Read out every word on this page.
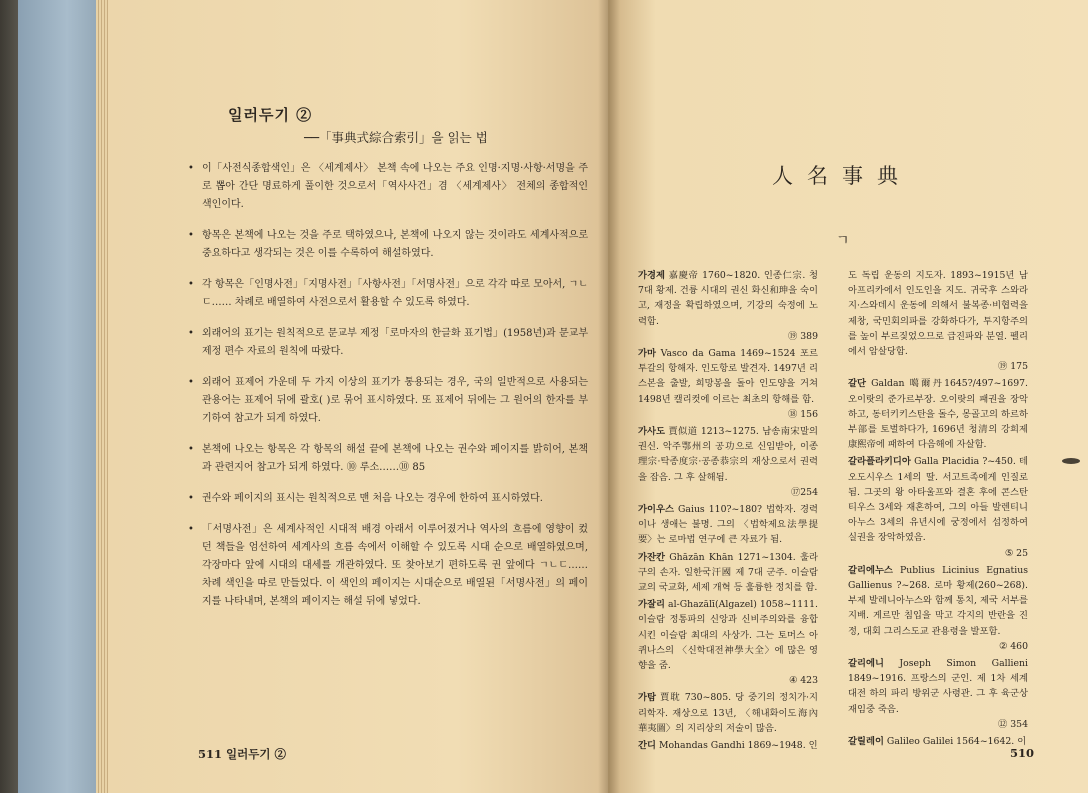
일러두기 ②
──「事典式綜合索引」을 읽는 법
• 이「사전식종합색인」은 〈세계제사〉 본책 속에 나오는 주요 인명·지명·사항·서명을 주로 뽑아 간단 명료하게 풀이한 것으로서「역사사건」겸 〈세계제사〉 전체의 종합적인 색인이다.
• 항목은 본책에 나오는 것을 주로 택하였으나, 본책에 나오지 않는 것이라도 세계사적으로 중요하다고 생각되는 것은 이를 수록하여 해설하였다.
• 각 항목은「인명사전」「지명사전」「사항사전」「서명사전」으로 각각 따로 모아서, ㄱㄴㄷ…… 차례로 배열하여 사전으로서 활용할 수 있도록 하였다.
• 외래어의 표기는 원칙적으로 문교부 제정「로마자의 한글화 표기법」(1958년)과 문교부 제정 편수 자료의 원칙에 따랐다.
• 외래어 표제어 가운데 두 가지 이상의 표기가 통용되는 경우, 국의 일반적으로 사용되는 관용어는 표제어 뒤에 괄호( )로 묶어 표시하였다. 또 표제어 뒤에는 그 원어의 한자를 부기하여 참고가 되게 하였다.
• 본책에 나오는 항목은 각 항목의 해설 끝에 본책에 나오는 권수와 페이지를 밝히어, 본책과 관련지어 참고가 되게 하였다. ⑩ 루소……⑩ 85
• 권수와 페이지의 표시는 원칙적으로 맨 처음 나오는 경우에 한하여 표시하였다.
• 「서명사전」은 세계사적인 시대적 배경 아래서 이루어졌거나 역사의 흐름에 영향이 컸던 책들을 엄선하여 세계사의 흐름 속에서 이해할 수 있도록 시대 순으로 배열하였으며, 각장마다 앞에 시대의 대세를 개관하였다. 또 찾아보기 편하도록 권 앞에다 ㄱㄴㄷ…… 차례 색인을 따로 만들었다. 이 색인의 페이지는 시대순으로 배열된「서명사전」의 페이지를 나타내며, 본책의 페이지는 해설 뒤에 넣었다.
511 일러두기 ②
人名事典
ㄱ

가경제 嘉慶帝 1760~1820. 인종仁宗. 청 7대 황제. 건륭 시대의 권신 화신和珅을 숙이고, 재정을 확립하였으며, 기강의 숙정에 노력함.
⑲ 389

가마 Vasco da Gama 1469~1524 포르투갈의 항해자. 인도항로 발견자. 1497년 리스본을 출발, 희망봉을 돌아 인도양을 거쳐 1498년 캘리컷에 이르는 최초의 항해를 함.
⑱ 156

가사도 賈似道 1213~1275. 남송南宋말의 권신. 악주鄂州의 공功으로 신임받아, 이종理宗·탁종度宗·공종恭宗의 재상으로서 권력을 잡음. 그 후 살해됨.
⑰254

가이우스 Gaius 110?~180? 법학자. 경력이나 생애는 불명. 그의 〈법학제요法學提要〉는 로마법 연구에 큰 자료가 됨.

가잔칸 Ghāzān Khān 1271~1304. 훌라구의 손자. 일한국汗國 제 7대 군주. 이슬람교의 국교화, 세제 개혁 등 훌륭한 정치를 함.

가잘리 al-Ghazālī(Algazel) 1058~1111. 이슬람 정통파의 신앙과 신비주의와를 융합시킨 이슬람 최대의 사상가. 그는 토머스 아퀴나스의 〈신학대전神學大全〉에 많은 영향을 줌.
④ 423

가탐 賈耽 730~805. 당 중기의 정치가·지리학자. 재상으로 13년, 〈해내화이도海內華夷圖〉의 지리상의 저술이 많음.

간디 Mohandas Gandhi 1869~1948. 인

도 독립 운동의 지도자. 1893~1915년 남아프리카에서 인도인을 지도. 귀국후 스와라지·스와데시 운동에 의해서 불복종·비협력을 제창, 국민회의파를 강화하다가, 투지항주의를 높이 부르짖었으므로 급진파와 분열. 펠리에서 암살당함.
⑲ 175

갈단 Galdan 噶爾丹1645?/497~1697. 오이랏의 준가르부장. 오이랏의 패권을 장악하고, 동터키키스탄을 돌수, 몽골고의 하르하 부部를 토벌하다가, 1696년 청淸의 강희제康熙帝에 패하여 다음해에 자살함.

갈라플라키디아 Galla Placidia ?~450. 테오도시우스 1세의 딸. 서고트족에게 인질로 됨. 그곳의 왕 아타울프와 결혼 후에 콘스탄티우스 3세와 재혼하여, 그의 아들 발렌티니아누스 3세의 유년시에 궁정에서 섭정하여 실권을 장악하였음.
⑤ 25

갈리에누스 Publius Licinius Egnatius Gallienus ?~268. 로마 황제(260~268). 부제 발레니아누스와 함께 통치, 제국 서부를 지배. 게르만 침입을 막고 각지의 반란을 진정, 대회 그리스도교 관용령을 발포함.
② 460

갈리에니 Joseph Simon Gallieni 1849~1916. 프랑스의 군인. 제 1차 세계대전 하의 파리 방위군 사령관. 그 후 육군상 재임중 죽음.
⑫ 354

갈릴레이 Galileo Galilei 1564~1642. 이

510
